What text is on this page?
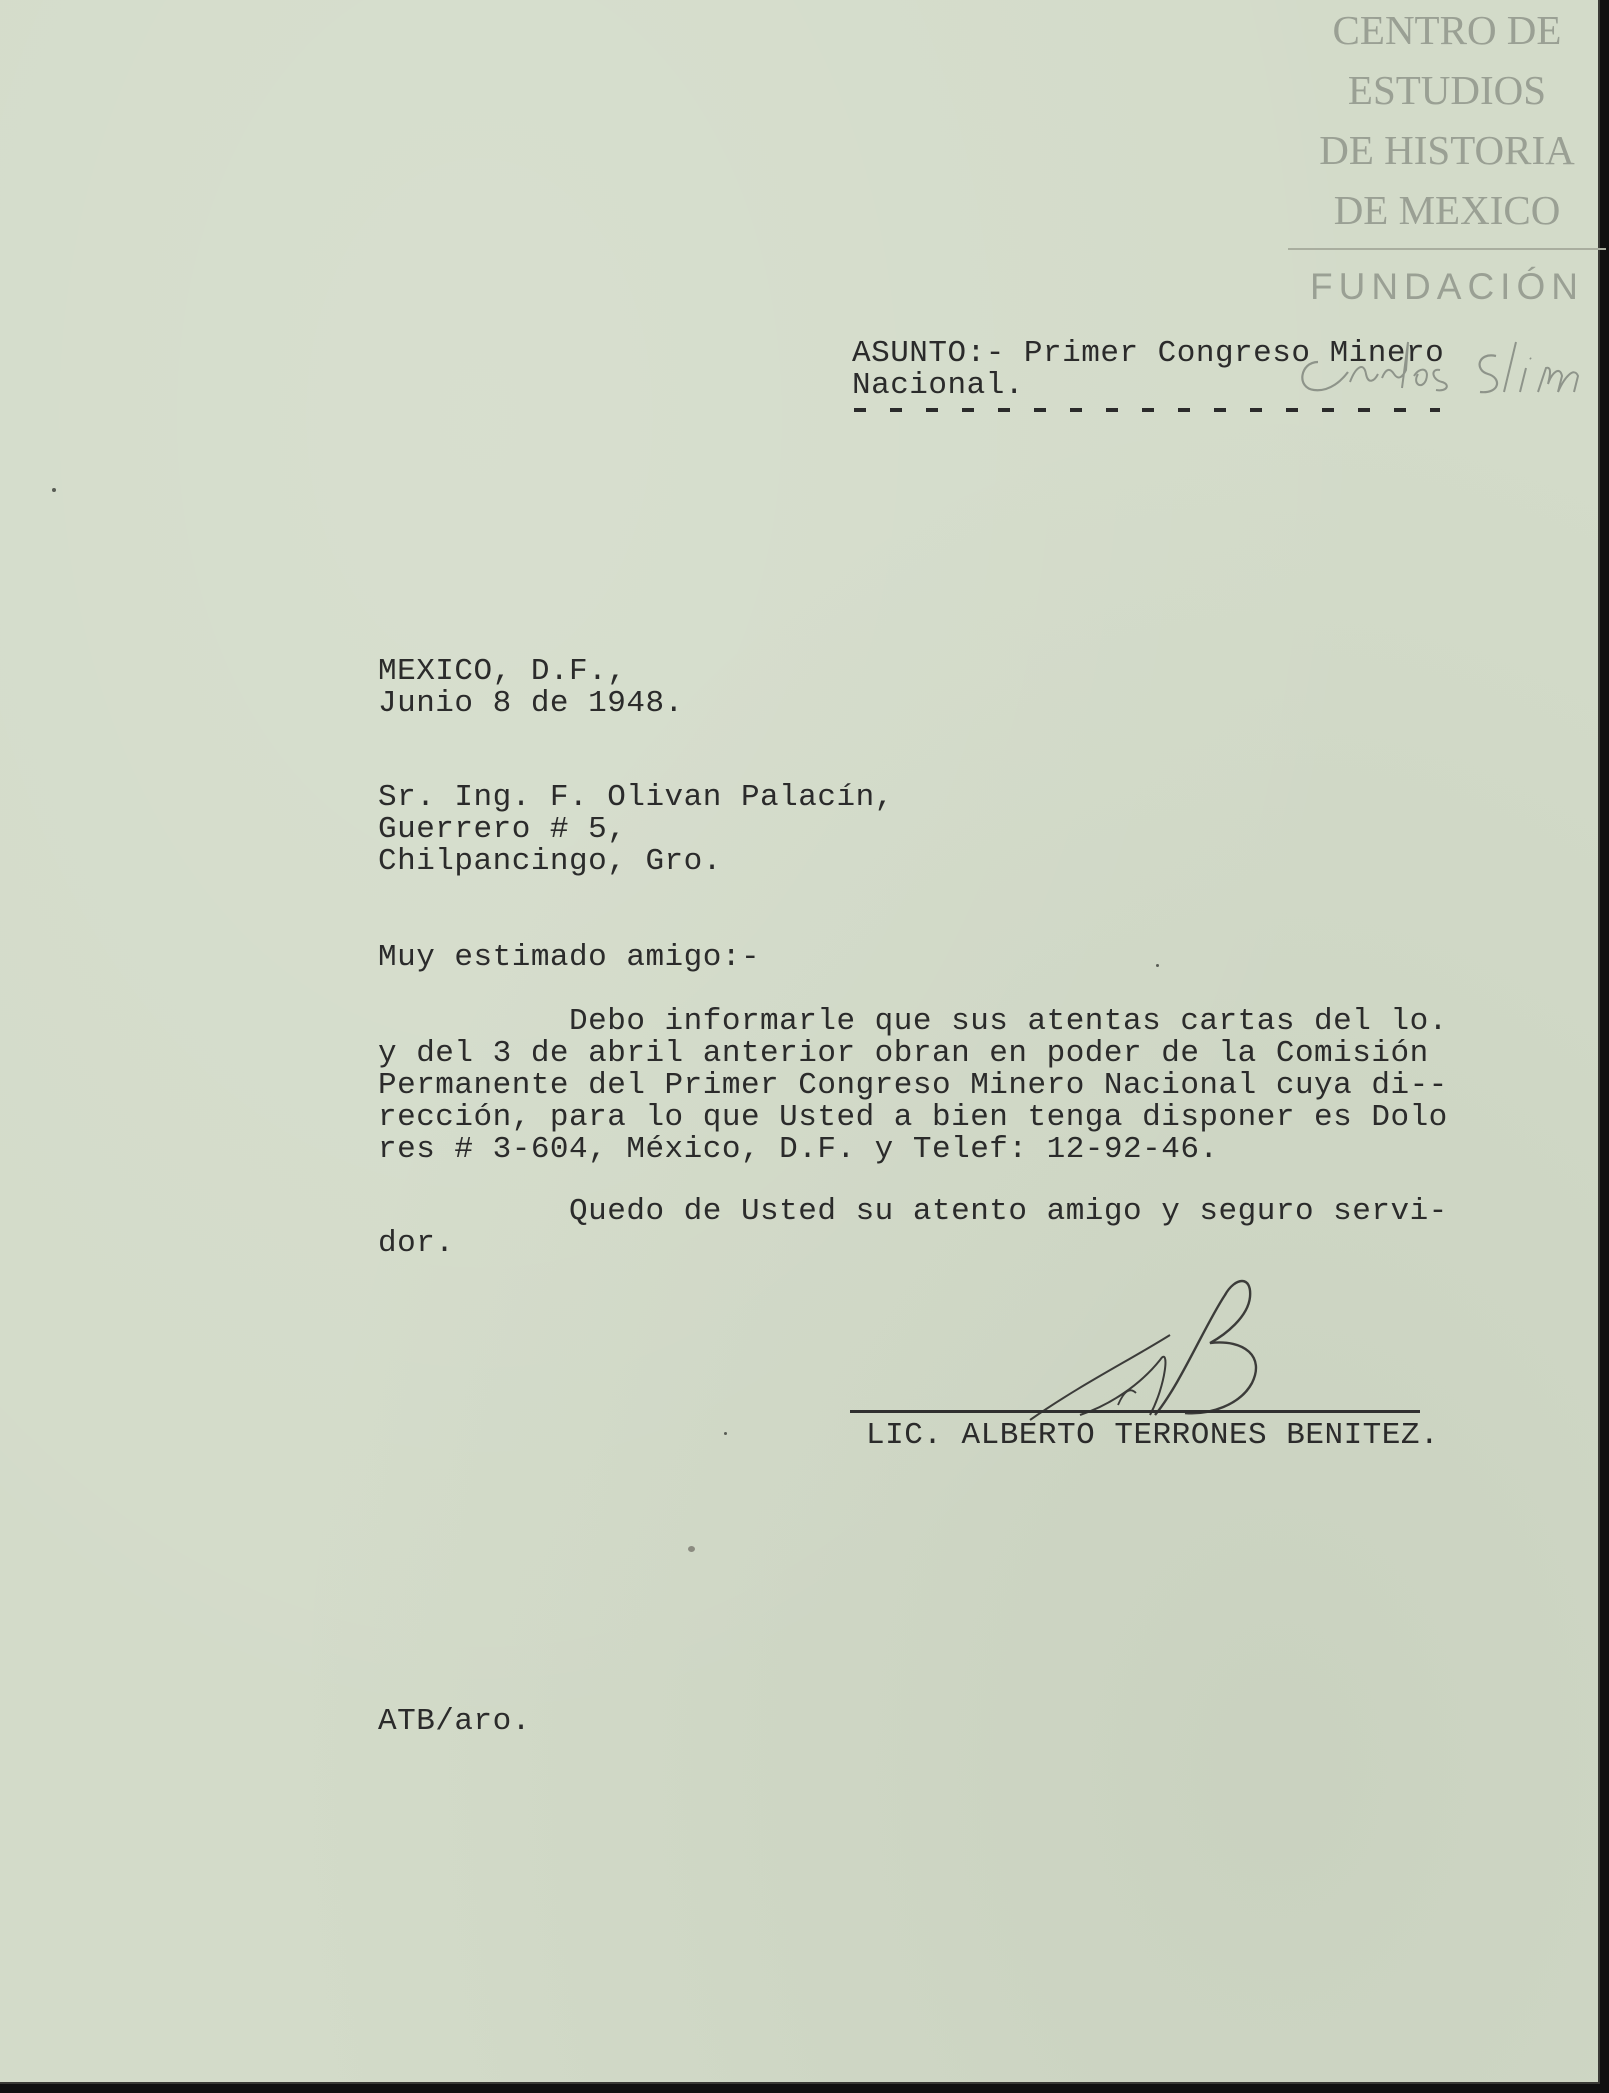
CENTRO DE
ESTUDIOS
DE HISTORIA
DE MEXICO
FUNDACIÓN
ASUNTO:- Primer Congreso Minero
Nacional.
MEXICO, D.F.,
Junio 8 de 1948.
Sr. Ing. F. Olivan Palacín,
Guerrero # 5,
Chilpancingo, Gro.
Muy estimado amigo:-
Debo informarle que sus atentas cartas del lo.
y del 3 de abril anterior obran en poder de la Comisión
Permanente del Primer Congreso Minero Nacional cuya di--
rección, para lo que Usted a bien tenga disponer es Dolo
res # 3-604, México, D.F. y Telef: 12-92-46.
Quedo de Usted su atento amigo y seguro servi-
dor.
LIC. ALBERTO TERRONES BENITEZ.
ATB/aro.
